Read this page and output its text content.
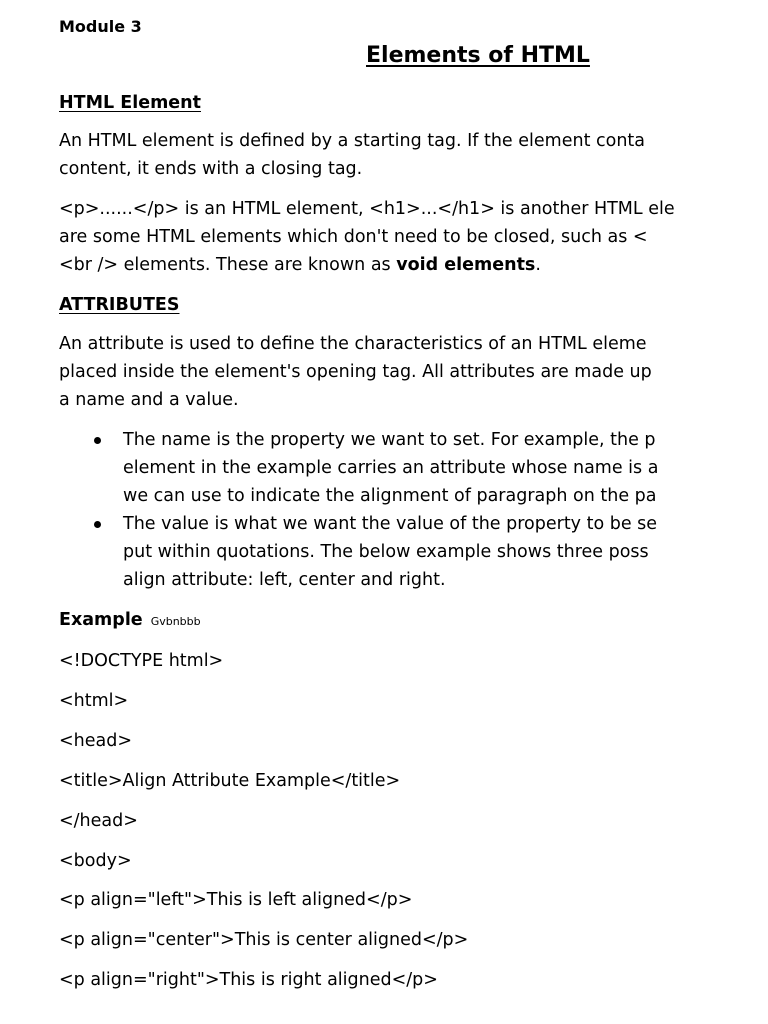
Module 3
Elements of HTML
HTML Element
An HTML element is defined by a starting tag. If the element conta
content, it ends with a closing tag.
<p>......</p> is an HTML element, <h1>...</h1> is another HTML ele
are some HTML elements which don't need to be closed, such as <
<br /> elements. These are known as void elements.
ATTRIBUTES
An attribute is used to define the characteristics of an HTML eleme
placed inside the element's opening tag. All attributes are made up
a name and a value.
The name is the property we want to set. For example, the p
element in the example carries an attribute whose name is a
we can use to indicate the alignment of paragraph on the pa
The value is what we want the value of the property to be se
put within quotations. The below example shows three poss
align attribute: left, center and right.
Example Gvbnbbb
<!DOCTYPE html>
<html>
<head>
<title>Align Attribute Example</title>
</head>
<body>
<p align="left">This is left aligned</p>
<p align="center">This is center aligned</p>
<p align="right">This is right aligned</p>
